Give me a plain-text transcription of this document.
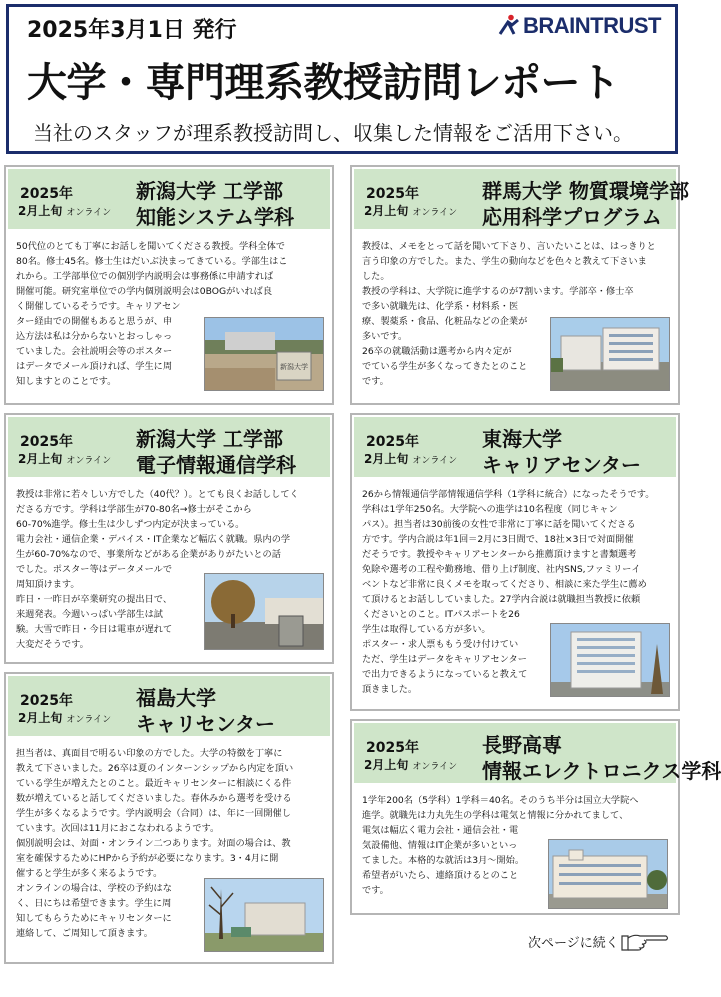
2025年3月1日 発行	BRAINTRUST
大学・専門理系教授訪問レポート
当社のスタッフが理系教授訪問し、収集した情報をご活用下さい。
2025年
2月上旬 オンライン
新潟大学 工学部
知能システム学科

50代位のとても丁寧にお話しを聞いてくださる教授。学科全体で

80名。修士45名。修士生はだいぶ決まってきている。学部生はこ

れから。工学部単位での個別学内説明会は事務係に申請すれば

開催可能。研究室単位での学内個別説明会は0BOGがいれば良

く開催しているそうです。キャリアセン

ター経由での開催もあると思うが、申

込方法は私は分からないとおっしゃっ

ていました。会社説明会等のポスター

はデータでメール頂ければ、学生に周

知しますとのことです。

新潟大学
2025年
2月上旬 オンライン
群馬大学 物質環境学部
応用科学プログラム

教授は、メモをとって話を聞いて下さり、言いたいことは、はっきりと

言う印象の方でした。また、学生の動向などを色々と教えて下さいま

した。

教授の学科は、大学院に進学するのが7割います。学部卒・修士卒

で多い就職先は、化学系・材料系・医

療、製薬系・食品、化粧品などの企業が

多いです。

26卒の就職活動は選考から内々定が

でている学生が多くなってきたとのこと

です。

2025年
2月上旬 オンライン
新潟大学 工学部
電子情報通信学科

教授は非常に若々しい方でした（40代？）。とても良くお話ししてく

ださる方です。学科は学部生が70-80名→修士がそこから

60-70%進学。修士生は少しずつ内定が決まっている。

電力会社・通信企業・デバイス・IT企業など幅広く就職。県内の学

生が60-70%なので、事業所などがある企業がありがたいとの話

でした。ポスター等はデータメールで

周知頂けます。

昨日・一昨日が卒業研究の提出日で、

来週発表。今週いっぱい学部生は試

験。大雪で昨日・今日は電車が遅れて

大変だそうです。

2025年
2月上旬 オンライン
東海大学
キャリアセンター

26から情報通信学部情報通信学科（1学科に統合）になったそうです。

学科は1学年250名。大学院への進学は10名程度（同じキャン

パス）。担当者は30前後の女性で非常に丁寧に話を聞いてくださる

方です。学内合説は年1回＝2月に3日間で、18社×3日で対面開催

だそうです。教授やキャリアセンターから推薦頂けますと書類選考

免除や選考の工程や勤務地、借り上げ制度、社内SNS,ファミリーイ

ベントなど非常に良くメモを取ってくださり、相談に来た学生に薦め

て頂けるとお話ししていました。27学内合説は就職担当教授に依頼

くださいとのこと。ITパスポートを26

学生は取得している方が多い。

ポスター・求人票ももう受け付けてい

ただ、学生はデータをキャリアセンター

で出力できるようになっていると教えて

頂きました。

2025年
2月上旬 オンライン
福島大学
キャリセンター

担当者は、真面目で明るい印象の方でした。大学の特徴を丁寧に

教えて下さいました。26卒は夏のインターンシップから内定を頂い

ている学生が増えたとのこと。最近キャリセンターに相談にくる件

数が増えていると話してくださいました。春休みから選考を受ける

学生が多くなるようです。学内説明会（合同）は、年に一回開催し

ています。次回は11月におこなわれるようです。

個別説明会は、対面・オンライン二つあります。対面の場合は、教

室を確保するためにHPから予約が必要になります。3・4月に開

催すると学生が多く来るようです。

オンラインの場合は、学校の予約はな

く、日にちは希望できます。学生に周

知してもらうためにキャリセンターに

連絡して、ご周知して頂きます。

2025年
2月上旬 オンライン
長野高専
情報エレクトロニクス学科

1学年200名（5学科）1学科＝40名。そのうち半分は国立大学院へ

進学。就職先は力丸先生の学科は電気と情報に分かれてまして、

電気は幅広く電力会社・通信会社・電

気設備他、情報はIT企業が多いといっ

てました。本格的な就活は3月〜開始。

希望者がいたら、連絡頂けるとのこと

です。

次ページに続く
